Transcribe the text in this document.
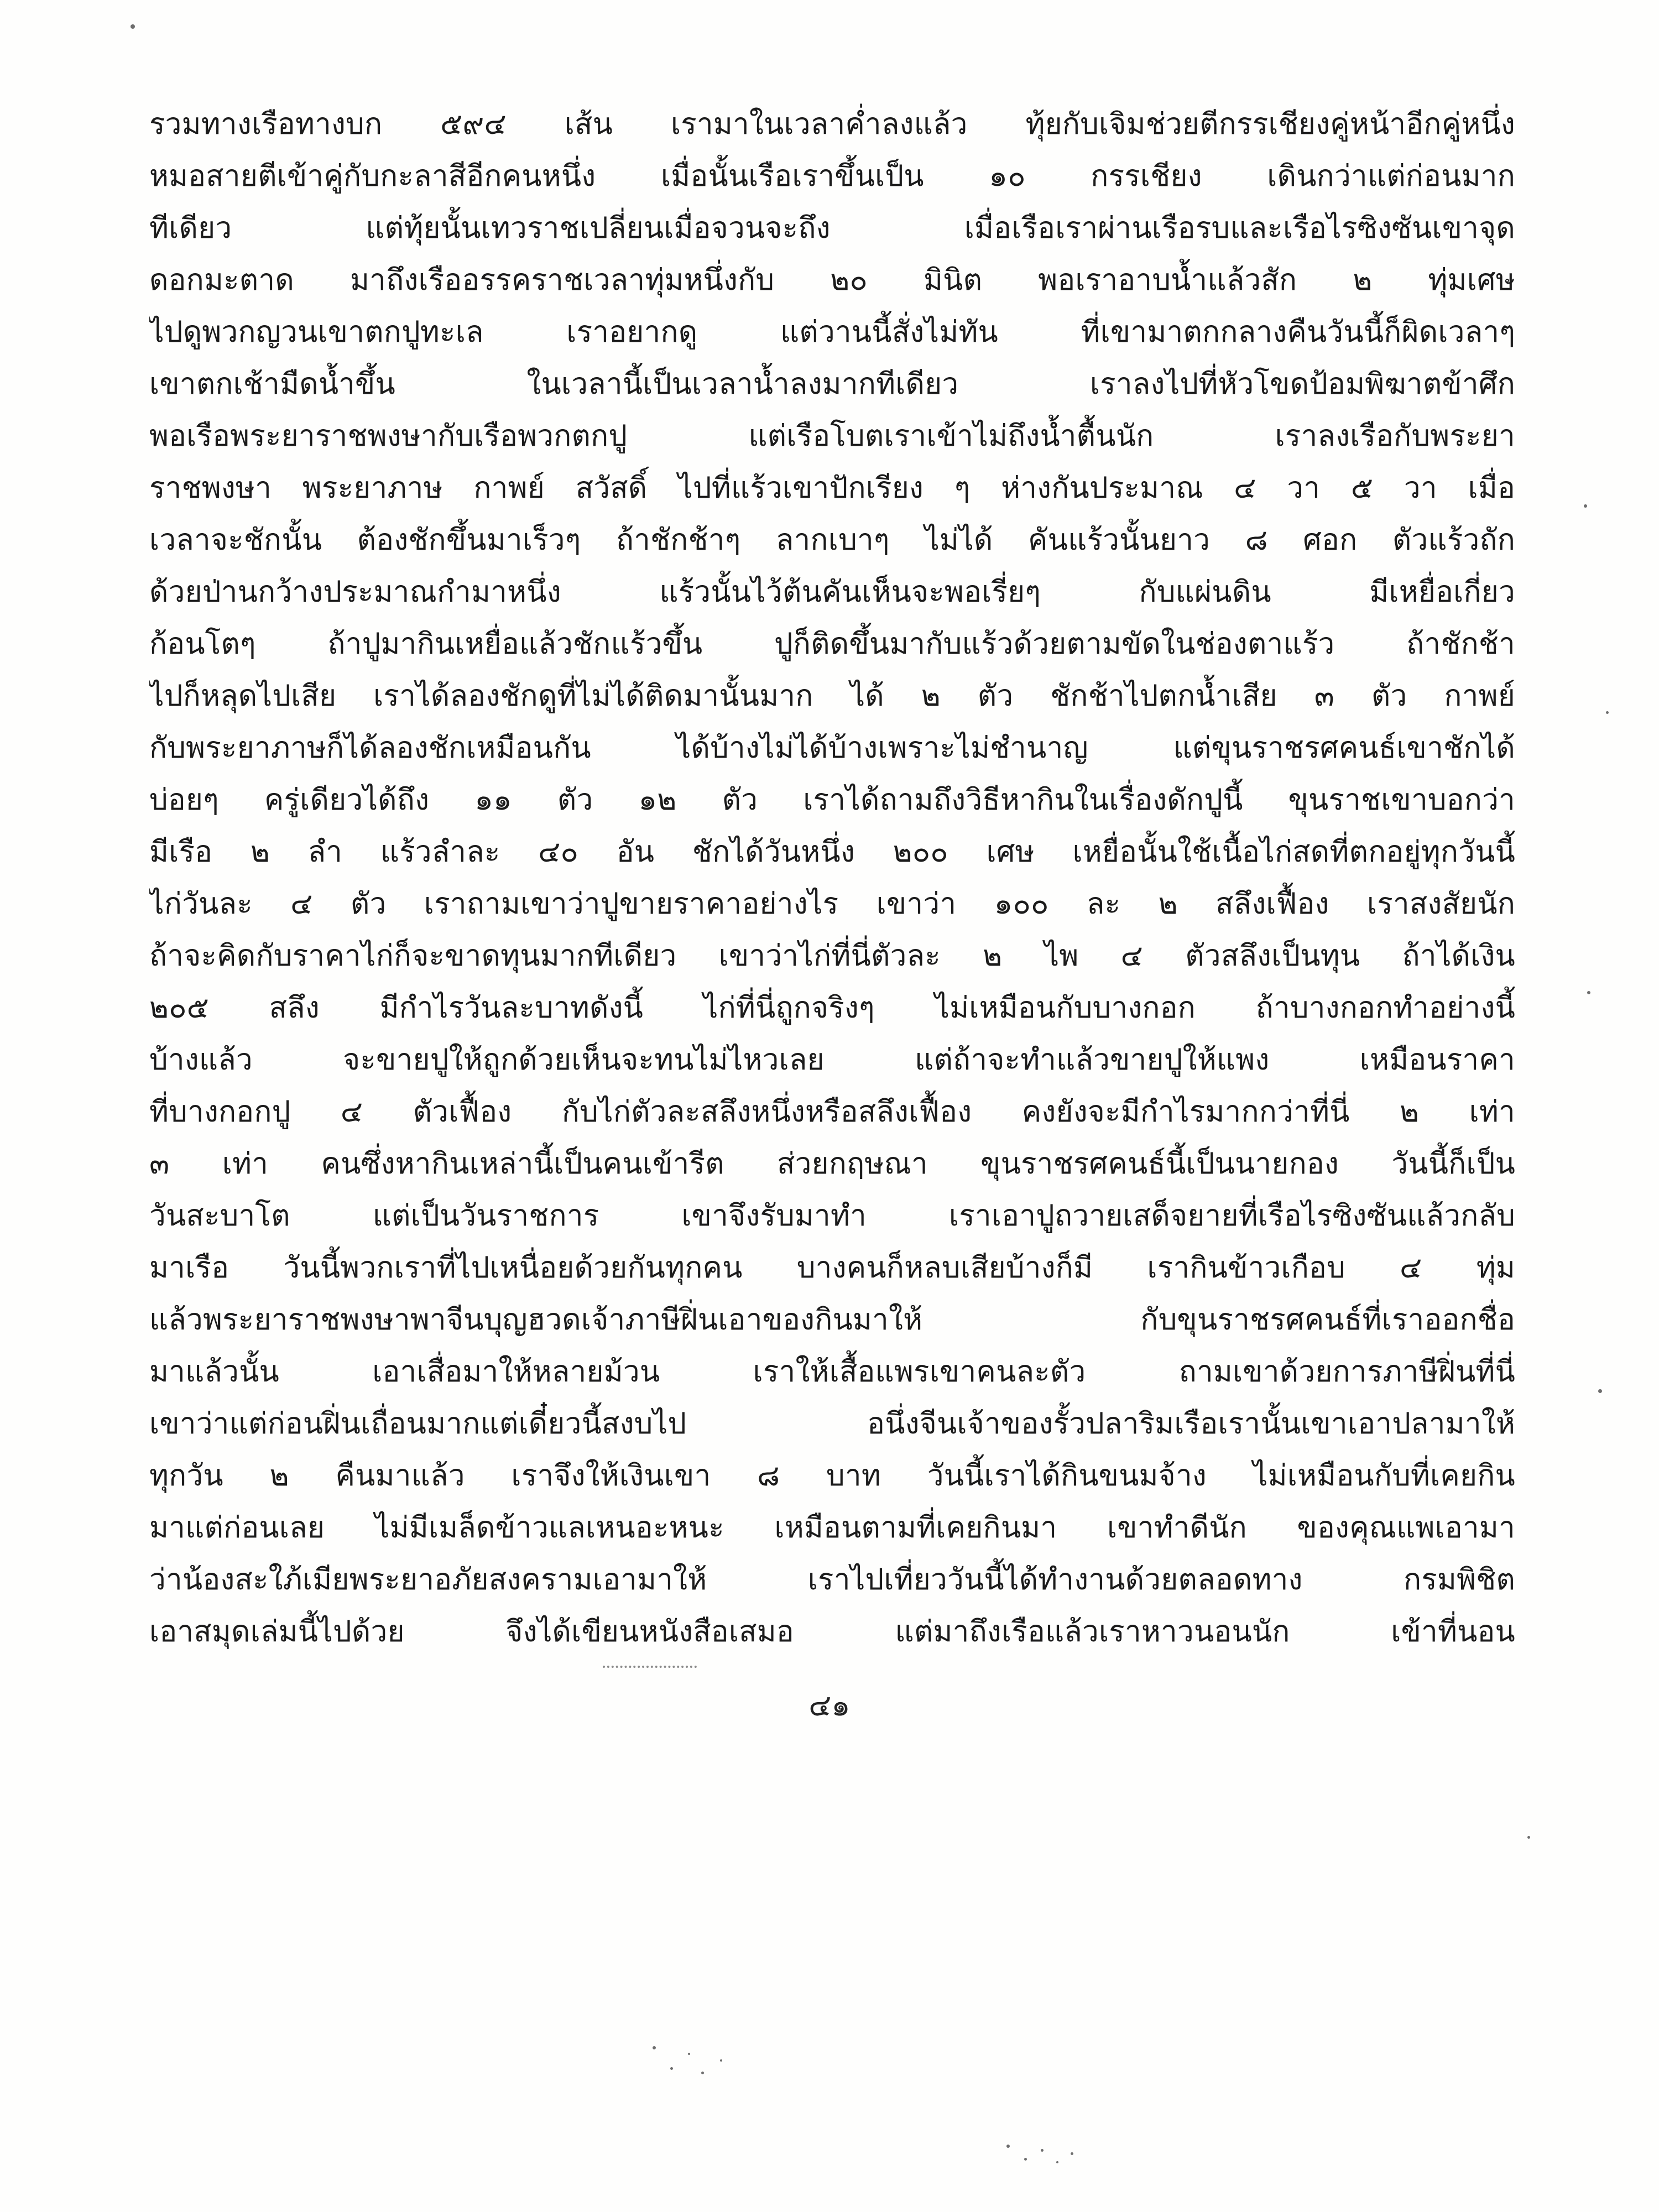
รวมทางเรือทางบก ๕๙๔ เส้น เรามาในเวลาค่ำลงแล้ว ทุ้ยกับเจิมช่วยตีกรรเชียงคู่หน้าอีกคู่หนึ่ง
หมอสายตีเข้าคู่กับกะลาสีอีกคนหนึ่ง เมื่อนั้นเรือเราขึ้นเป็น ๑๐ กรรเชียง เดินกว่าแต่ก่อนมาก
ทีเดียว แต่ทุ้ยนั้นเทวราชเปลี่ยนเมื่อจวนจะถึง เมื่อเรือเราผ่านเรือรบและเรือไรซิงซันเขาจุด
ดอกมะตาด มาถึงเรืออรรคราชเวลาทุ่มหนึ่งกับ ๒๐ มินิต พอเราอาบน้ำแล้วสัก ๒ ทุ่มเศษ
ไปดูพวกญวนเขาตกปูทะเล เราอยากดู แต่วานนี้สั่งไม่ทัน ที่เขามาตกกลางคืนวันนี้ก็ผิดเวลาๆ
เขาตกเช้ามืดน้ำขึ้น ในเวลานี้เป็นเวลาน้ำลงมากทีเดียว เราลงไปที่หัวโขดป้อมพิฆาตข้าศึก
พอเรือพระยาราชพงษากับเรือพวกตกปู แต่เรือโบตเราเข้าไม่ถึงน้ำตื้นนัก เราลงเรือกับพระยา
ราชพงษา พระยาภาษ กาพย์ สวัสดิ์ ไปที่แร้วเขาปักเรียง ๆ ห่างกันประมาณ ๔ วา ๕ วา เมื่อ
เวลาจะชักนั้น ต้องชักขึ้นมาเร็วๆ ถ้าชักช้าๆ ลากเบาๆ ไม่ได้ คันแร้วนั้นยาว ๘ ศอก ตัวแร้วถัก
ด้วยป่านกว้างประมาณกำมาหนึ่ง แร้วนั้นไว้ต้นคันเห็นจะพอเรี่ยๆ กับแผ่นดิน มีเหยื่อเกี่ยว
ก้อนโตๆ ถ้าปูมากินเหยื่อแล้วชักแร้วขึ้น ปูก็ติดขึ้นมากับแร้วด้วยตามขัดในช่องตาแร้ว ถ้าชักช้า
ไปก็หลุดไปเสีย เราได้ลองชักดูที่ไม่ได้ติดมานั้นมาก ได้ ๒ ตัว ชักช้าไปตกน้ำเสีย ๓ ตัว กาพย์
กับพระยาภาษก็ได้ลองชักเหมือนกัน ได้บ้างไม่ได้บ้างเพราะไม่ชำนาญ แต่ขุนราชรศคนธ์เขาชักได้
บ่อยๆ ครู่เดียวได้ถึง ๑๑ ตัว ๑๒ ตัว เราได้ถามถึงวิธีหากินในเรื่องดักปูนี้ ขุนราชเขาบอกว่า
มีเรือ ๒ ลำ แร้วลำละ ๔๐ อัน ชักได้วันหนึ่ง ๒๐๐ เศษ เหยื่อนั้นใช้เนื้อไก่สดที่ตกอยู่ทุกวันนี้
ไก่วันละ ๔ ตัว เราถามเขาว่าปูขายราคาอย่างไร เขาว่า ๑๐๐ ละ ๒ สลึงเฟื้อง เราสงสัยนัก
ถ้าจะคิดกับราคาไก่ก็จะขาดทุนมากทีเดียว เขาว่าไก่ที่นี่ตัวละ ๒ ไพ ๔ ตัวสลึงเป็นทุน ถ้าได้เงิน
๒๐๕ สลึง มีกำไรวันละบาทดังนี้ ไก่ที่นี่ถูกจริงๆ ไม่เหมือนกับบางกอก ถ้าบางกอกทำอย่างนี้
บ้างแล้ว จะขายปูให้ถูกด้วยเห็นจะทนไม่ไหวเลย แต่ถ้าจะทำแล้วขายปูให้แพง เหมือนราคา
ที่บางกอกปู ๔ ตัวเฟื้อง กับไก่ตัวละสลึงหนึ่งหรือสลึงเฟื้อง คงยังจะมีกำไรมากกว่าที่นี่ ๒ เท่า
๓ เท่า คนซึ่งหากินเหล่านี้เป็นคนเข้ารีต ส่วยกฤษณา ขุนราชรศคนธ์นี้เป็นนายกอง วันนี้ก็เป็น
วันสะบาโต แต่เป็นวันราชการ เขาจึงรับมาทำ เราเอาปูถวายเสด็จยายที่เรือไรซิงซันแล้วกลับ
มาเรือ วันนี้พวกเราที่ไปเหนื่อยด้วยกันทุกคน บางคนก็หลบเสียบ้างก็มี เรากินข้าวเกือบ ๔ ทุ่ม
แล้วพระยาราชพงษาพาจีนบุญฮวดเจ้าภาษีฝิ่นเอาของกินมาให้ กับขุนราชรศคนธ์ที่เราออกชื่อ
มาแล้วนั้น เอาเสื่อมาให้หลายม้วน เราให้เสื้อแพรเขาคนละตัว ถามเขาด้วยการภาษีฝิ่นที่นี่
เขาว่าแต่ก่อนฝิ่นเถื่อนมากแต่เดี๋ยวนี้สงบไป อนึ่งจีนเจ้าของรั้วปลาริมเรือเรานั้นเขาเอาปลามาให้
ทุกวัน ๒ คืนมาแล้ว เราจึงให้เงินเขา ๘ บาท วันนี้เราได้กินขนมจ้าง ไม่เหมือนกับที่เคยกิน
มาแต่ก่อนเลย ไม่มีเมล็ดข้าวแลเหนอะหนะ เหมือนตามที่เคยกินมา เขาทำดีนัก ของคุณแพเอามา
ว่าน้องสะใภ้เมียพระยาอภัยสงครามเอามาให้ เราไปเที่ยววันนี้ได้ทำงานด้วยตลอดทาง กรมพิชิต
เอาสมุดเล่มนี้ไปด้วย จึงได้เขียนหนังสือเสมอ แต่มาถึงเรือแล้วเราหาวนอนนัก เข้าที่นอน
๔๑
